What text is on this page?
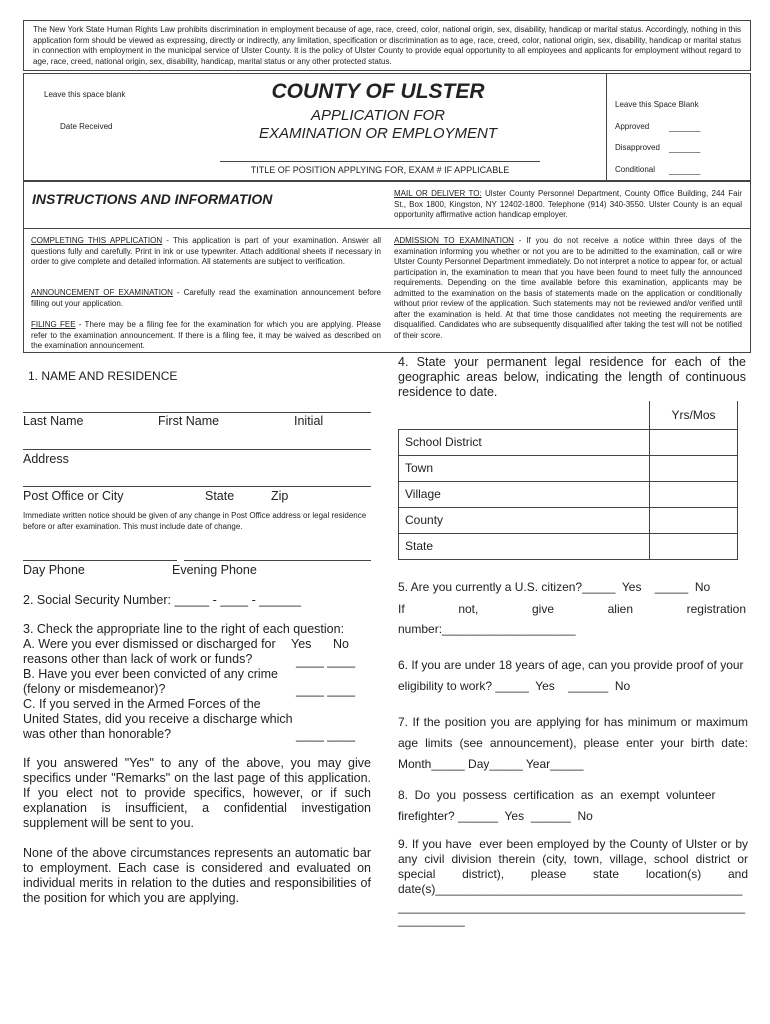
The New York State Human Rights Law prohibits discrimination in employment because of age, race, creed, color, national origin, sex, disability, handicap or marital status. Accordingly, nothing in this application form should be viewed as expressing, directly or indirectly, any limitation, specification or discrimination as to age, race, creed, color, national origin, sex, disability, handicap or marital status in connection with employment in the municipal service of Ulster County. It is the policy of Ulster County to provide equal opportunity to all employees and applicants for employment without regard to age, race, creed, national origin, sex, disability, handicap, marital status or any other protected status.
Leave this space blank
Date Received
COUNTY OF ULSTER
APPLICATION FOR
EXAMINATION OR EMPLOYMENT
TITLE OF POSITION APPLYING FOR, EXAM # IF APPLICABLE
Leave this Space Blank
Approved _______
Disapproved _______
Conditional _______
INSTRUCTIONS AND INFORMATION	MAIL OR DELIVER TO: Ulster County Personnel Department, County Office Building, 244 Fair St., Box 1800, Kingston, NY 12402-1800. Telephone (914) 340-3550. Ulster County is an equal opportunity affirmative action handicap employer.
COMPLETING THIS APPLICATION - This application is part of your examination. Answer all questions fully and carefully. Print in ink or use typewriter. Attach additional sheets if necessary in order to give complete and detailed information. All statements are subject to verification.
ANNOUNCEMENT OF EXAMINATION - Carefully read the examination announcement before filling out your application.
FILING FEE - There may be a filing fee for the examination for which you are applying. Please refer to the examination announcement. If there is a filing fee, it may be waived as described on the examination announcement.
ADMISSION TO EXAMINATION - If you do not receive a notice within three days of the examination informing you whether or not you are to be admitted to the examination, call or wire Ulster County Personnel Department immediately. Do not interpret a notice to appear for, or actual participation in, the examination to mean that you have been found to meet fully the announced requirements. Depending on the time available before this examination, applicants may be admitted to the examination on the basis of statements made on the application or conditionally without prior review of the application. Such statements may not be reviewed and/or verified until after the examination is held. At that time those candidates not meeting the requirements are disqualified. Candidates who are subsequently disqualified after taking the test will not be notified of their score.
1. NAME AND RESIDENCE
Last Name	First Name	Initial
Address
Post Office or City	State	Zip
Immediate written notice should be given of any change in Post Office address or legal residence before or after examination. This must include date of change.
Day Phone	Evening Phone
2. Social Security Number: _____ - ____ - ______
3. Check the appropriate line to the right of each question:
A. Were you ever dismissed or discharged for Yes No
reasons other than lack of work or funds?	____ ____
B. Have you ever been convicted of any crime
(felony or misdemeanor)?	____ ____
C. If you served in the Armed Forces of the
United States, did you receive a discharge which
was other than honorable?	____ ____
If you answered "Yes" to any of the above, you may give specifics under "Remarks" on the last page of this application. If you elect not to provide specifics, however, or if such explanation is insufficient, a confidential investigation supplement will be sent to you.
None of the above circumstances represents an automatic bar to employment. Each case is considered and evaluated on individual merits in relation to the duties and responsibilities of the position for which you are applying.
4. State your permanent legal residence for each of the geographic areas below, indicating the length of continuous residence to date.
	Yrs/Mos
School District	
Town	
Village	
County	
State	
5. Are you currently a U.S. citizen?_____  Yes    _____  No
If not, give alien registration
number:____________________
6. If you are under 18 years of age, can you provide proof of your eligibility to work? _____  Yes    ______  No
7. If the position you are applying for has minimum or maximum age limits (see announcement), please enter your birth date: Month_____ Day_____ Year_____
8.  Do  you  possess  certification  as  an  exempt  volunteer firefighter? ______  Yes  ______  No
9. If you have  ever been employed by the County of Ulster or by any civil division therein (city, town, village, school district or   special   district),   please   state   location(s)   and date(s)______________________________________________
____________________________________________________
__________
